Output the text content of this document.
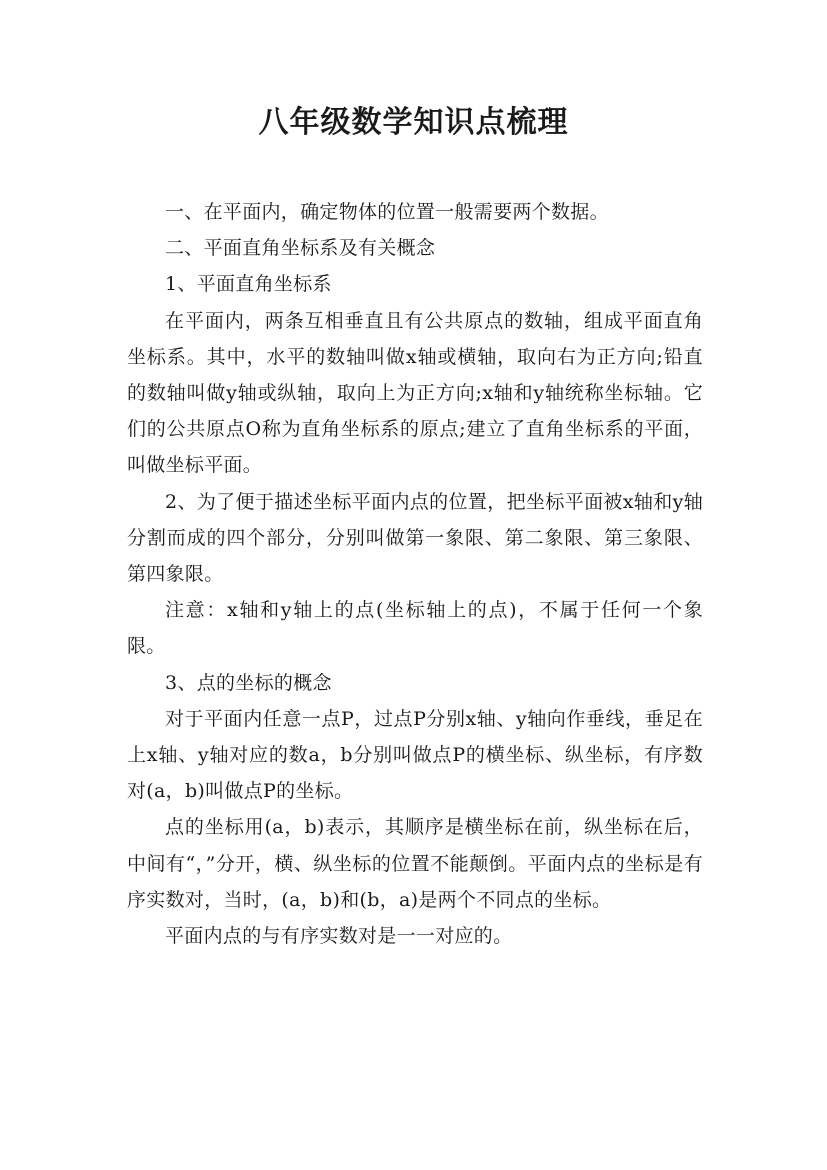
八年级数学知识点梳理

一、在平面内，确定物体的位置一般需要两个数据。

二、平面直角坐标系及有关概念

1、平面直角坐标系

在平面内，两条互相垂直且有公共原点的数轴，组成平面直角坐标系。其中，水平的数轴叫做x轴或横轴，取向右为正方向;铅直的数轴叫做y轴或纵轴，取向上为正方向;x轴和y轴统称坐标轴。它们的公共原点O称为直角坐标系的原点;建立了直角坐标系的平面，叫做坐标平面。

2、为了便于描述坐标平面内点的位置，把坐标平面被x轴和y轴分割而成的四个部分，分别叫做第一象限、第二象限、第三象限、第四象限。

注意：x轴和y轴上的点(坐标轴上的点)，不属于任何一个象限。

3、点的坐标的概念

对于平面内任意一点P，过点P分别x轴、y轴向作垂线，垂足在上x轴、y轴对应的数a，b分别叫做点P的横坐标、纵坐标，有序数对(a，b)叫做点P的坐标。

点的坐标用(a，b)表示，其顺序是横坐标在前，纵坐标在后，中间有“，”分开，横、纵坐标的位置不能颠倒。平面内点的坐标是有序实数对，当时，(a，b)和(b，a)是两个不同点的坐标。

平面内点的与有序实数对是一一对应的。
